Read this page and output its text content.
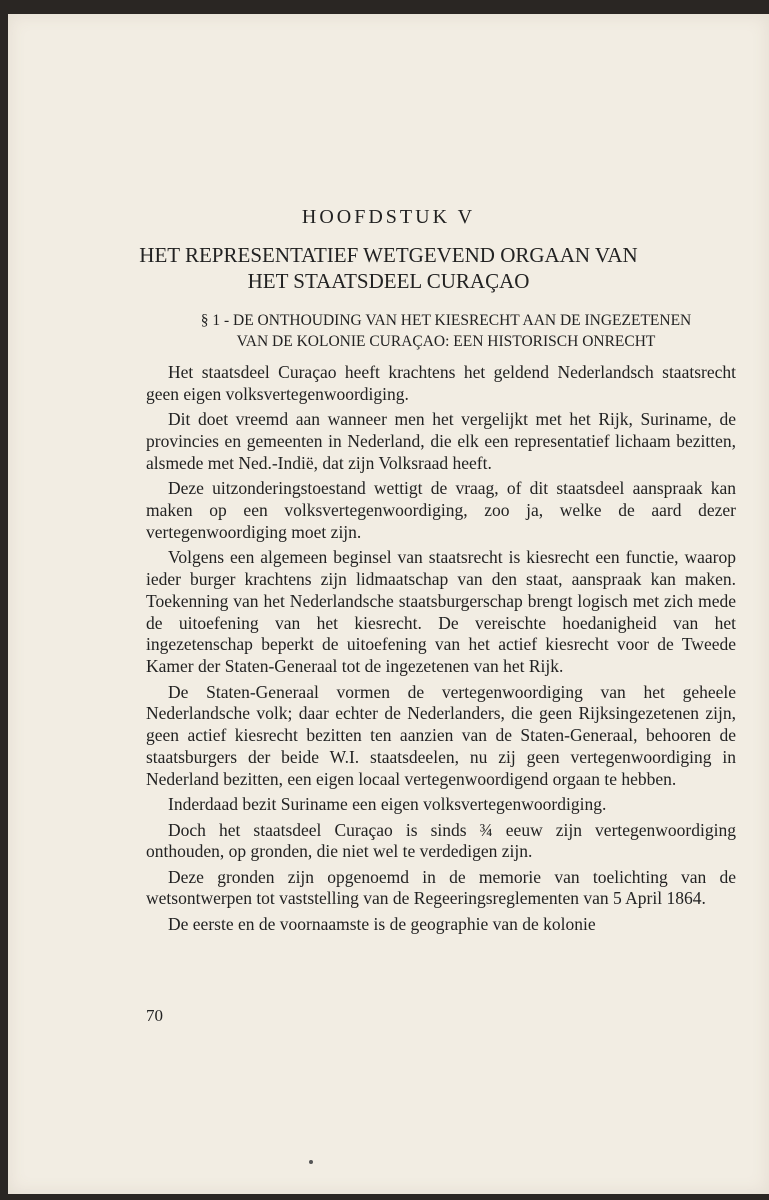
HOOFDSTUK V
HET REPRESENTATIEF WETGEVEND ORGAAN VAN
HET STAATSDEEL CURAÇAO
§ 1 - DE ONTHOUDING VAN HET KIESRECHT AAN DE INGEZETENEN
VAN DE KOLONIE CURAÇAO: EEN HISTORISCH ONRECHT

Het staatsdeel Curaçao heeft krachtens het geldend Nederlandsch staatsrecht geen eigen volksvertegenwoordiging.

Dit doet vreemd aan wanneer men het vergelijkt met het Rijk, Suriname, de provincies en gemeenten in Nederland, die elk een representatief lichaam bezitten, alsmede met Ned.-Indië, dat zijn Volksraad heeft.

Deze uitzonderingstoestand wettigt de vraag, of dit staatsdeel aanspraak kan maken op een volksvertegenwoordiging, zoo ja, welke de aard dezer vertegenwoordiging moet zijn.

Volgens een algemeen beginsel van staatsrecht is kiesrecht een functie, waarop ieder burger krachtens zijn lidmaatschap van den staat, aanspraak kan maken. Toekenning van het Nederlandsche staatsburgerschap brengt logisch met zich mede de uitoefening van het kiesrecht. De vereischte hoedanigheid van het ingezetenschap beperkt de uitoefening van het actief kiesrecht voor de Tweede Kamer der Staten-Generaal tot de ingezetenen van het Rijk.

De Staten-Generaal vormen de vertegenwoordiging van het geheele Nederlandsche volk; daar echter de Nederlanders, die geen Rijksingezetenen zijn, geen actief kiesrecht bezitten ten aanzien van de Staten-Generaal, behooren de staatsburgers der beide W.I. staatsdeelen, nu zij geen vertegenwoordiging in Nederland bezitten, een eigen locaal vertegenwoordigend orgaan te hebben.

Inderdaad bezit Suriname een eigen volksvertegenwoordiging.

Doch het staatsdeel Curaçao is sinds ¾ eeuw zijn vertegenwoordiging onthouden, op gronden, die niet wel te verdedigen zijn.

Deze gronden zijn opgenoemd in de memorie van toelichting van de wetsontwerpen tot vaststelling van de Regeeringsreglementen van 5 April 1864.

De eerste en de voornaamste is de geographie van de kolonie

70
